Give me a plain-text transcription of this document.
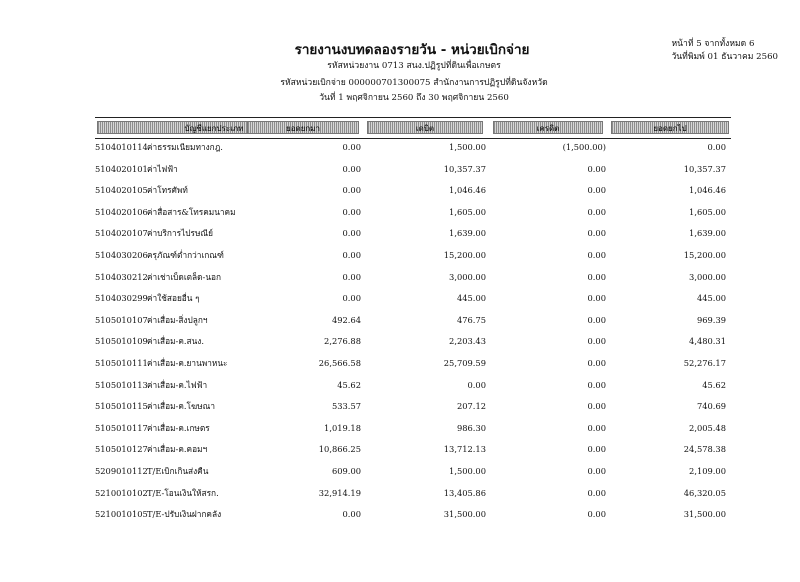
รายงานงบทดลองรายวัน - หน่วยเบิกจ่าย
รหัสหน่วยงาน 0713 สนง.ปฏิรูปที่ดินเพื่อเกษตร
รหัสหน่วยเบิกจ่าย 000000701300075 สำนักงานการปฏิรูปที่ดินจังหวัด
วันที่ 1 พฤศจิกายน 2560 ถึง 30 พฤศจิกายน 2560
หน้าที่ 5 จากทั้งหมด 6
วันที่พิมพ์ 01 ธันวาคม 2560
บัญชีแยกประเภท	ยอดยกมา	เดบิต	เครดิต	ยอดยกไป
5104010114 ค่าธรรมเนียมทางกฎ.	0.00	1,500.00	(1,500.00)	0.00
5104020101 ค่าไฟฟ้า	0.00	10,357.37	0.00	10,357.37
5104020105 ค่าโทรศัพท์	0.00	1,046.46	0.00	1,046.46
5104020106 ค่าสื่อสาร&โทรคมนาคม	0.00	1,605.00	0.00	1,605.00
5104020107 ค่าบริการไปรษณีย์	0.00	1,639.00	0.00	1,639.00
5104030206 ครุภัณฑ์ต่ำกว่าเกณฑ์	0.00	15,200.00	0.00	15,200.00
5104030212 ค่าเช่าเบ็ดเตล็ด-นอก	0.00	3,000.00	0.00	3,000.00
5104030299 ค่าใช้สอยอื่น ๆ	0.00	445.00	0.00	445.00
5105010107 ค่าเสื่อม-สิ่งปลูกฯ	492.64	476.75	0.00	969.39
5105010109 ค่าเสื่อม-ค.สนง.	2,276.88	2,203.43	0.00	4,480.31
5105010111 ค่าเสื่อม-ค.ยานพาหนะ	26,566.58	25,709.59	0.00	52,276.17
5105010113 ค่าเสื่อม-ค.ไฟฟ้า	45.62	0.00	0.00	45.62
5105010115 ค่าเสื่อม-ค.โฆษณา	533.57	207.12	0.00	740.69
5105010117 ค่าเสื่อม-ค.เกษตร	1,019.18	986.30	0.00	2,005.48
5105010127 ค่าเสื่อม-ค.คอมฯ	10,866.25	13,712.13	0.00	24,578.38
5209010112 T/Eเบิกเกินส่งคืน	609.00	1,500.00	0.00	2,109.00
5210010102 T/E-โอนเงินให้สรก.	32,914.19	13,405.86	0.00	46,320.05
5210010105 T/E-ปรับเงินฝากคลัง	0.00	31,500.00	0.00	31,500.00
